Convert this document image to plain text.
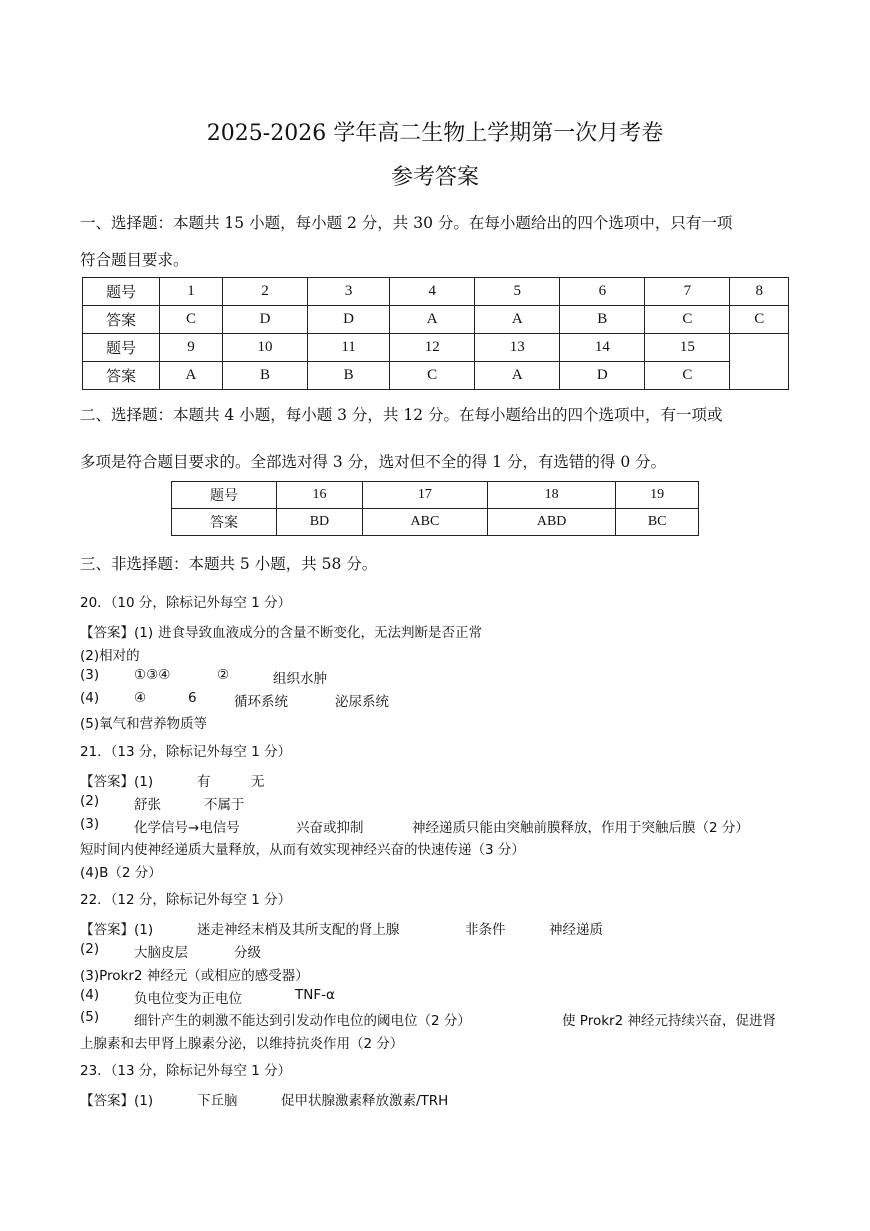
2025-2026 学年高二生物上学期第一次月考卷
参考答案
一、选择题：本题共 15 小题，每小题 2 分，共 30 分。在每小题给出的四个选项中，只有一项
符合题目要求。
题号	1	2	3	4	5	6	7	8
答案	C	D	D	A	A	B	C	C
题号	9	10	11	12	13	14	15	
答案	A	B	B	C	A	D	C	
二、选择题：本题共 4 小题，每小题 3 分，共 12 分。在每小题给出的四个选项中，有一项或
多项是符合题目要求的。全部选对得 3 分，选对但不全的得 1 分，有选错的得 0 分。
题号	16	17	18	19
答案	BD	ABC	ABD	BC
三、非选择题：本题共 5 小题，共 58 分。
20．（10 分，除标记外每空 1 分）
【答案】(1) 进食导致血液成分的含量不断变化，无法判断是否正常
(2)相对的
(3)	①③④	②	组织水肿
(4)	④	6	循环系统	泌尿系统
(5)氧气和营养物质等
21．（13 分，除标记外每空 1 分）
【答案】(1)	有	无
(2)	舒张	不属于
(3)	化学信号→电信号	兴奋或抑制	神经递质只能由突触前膜释放，作用于突触后膜（2 分）
短时间内使神经递质大量释放，从而有效实现神经兴奋的快速传递（3 分）
(4)B（2 分）
22．（12 分，除标记外每空 1 分）
【答案】(1)	迷走神经末梢及其所支配的肾上腺	非条件	神经递质
(2)	大脑皮层	分级
(3)Prokr2 神经元（或相应的感受器）
(4)	负电位变为正电位	TNF-α
(5)	细针产生的刺激不能达到引发动作电位的阈电位（2 分）	使 Prokr2 神经元持续兴奋，促进肾
上腺素和去甲肾上腺素分泌，以维持抗炎作用（2 分）
23．（13 分，除标记外每空 1 分）
【答案】(1)	下丘脑	促甲状腺激素释放激素/TRH
